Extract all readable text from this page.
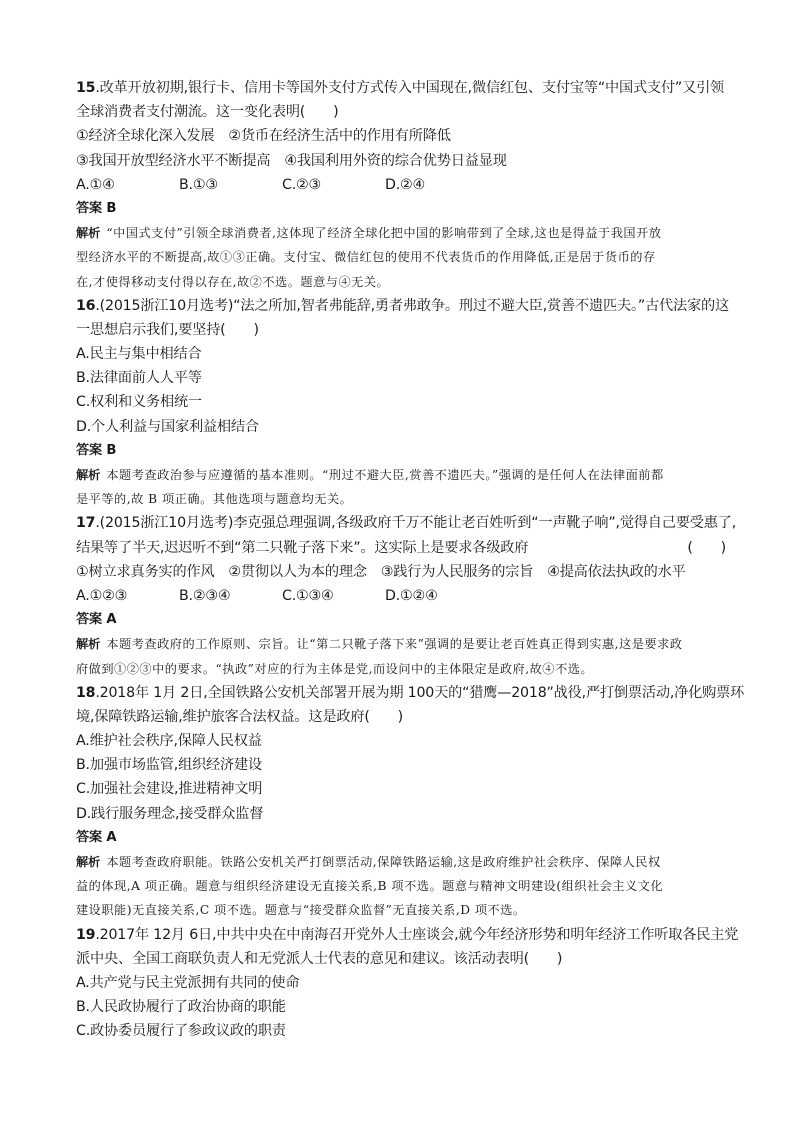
15.改革开放初期,银行卡、信用卡等国外支付方式传入中国现在,微信红包、支付宝等“中国式支付”又引领
全球消费者支付潮流。这一变化表明(　　)
①经济全球化深入发展　②货币在经济生活中的作用有所降低
③我国开放型经济水平不断提高　④我国利用外资的综合优势日益显现
A.①④	B.①③	C.②③	D.②④
答案 B
解析 “中国式支付”引领全球消费者,这体现了经济全球化把中国的影响带到了全球,这也是得益于我国开放
型经济水平的不断提高,故①③正确。支付宝、微信红包的使用不代表货币的作用降低,正是居于货币的存
在,才使得移动支付得以存在,故②不选。题意与④无关。
16.(2015浙江10月选考)“法之所加,智者弗能辞,勇者弗敢争。刑过不避大臣,赏善不遗匹夫。”古代法家的这
一思想启示我们,要坚持(　　)
A.民主与集中相结合
B.法律面前人人平等
C.权利和义务相统一
D.个人利益与国家利益相结合
答案 B
解析 本题考查政治参与应遵循的基本准则。“刑过不避大臣,赏善不遗匹夫。”强调的是任何人在法律面前都
是平等的,故 B 项正确。其他选项与题意均无关。
17.(2015浙江10月选考)李克强总理强调,各级政府千万不能让老百姓听到“一声靴子响”,觉得自己要受惠了,
结果等了半天,迟迟听不到“第二只靴子落下来”。这实际上是要求各级政府	(　　)
①树立求真务实的作风　②贯彻以人为本的理念　③践行为人民服务的宗旨　④提高依法执政的水平
A.①②③	B.②③④	C.①③④	D.①②④
答案 A
解析 本题考查政府的工作原则、宗旨。让“第二只靴子落下来”强调的是要让老百姓真正得到实惠,这是要求政
府做到①②③中的要求。“执政”对应的行为主体是党,而设问中的主体限定是政府,故④不选。
18.2018年 1月 2日,全国铁路公安机关部署开展为期 100天的“猎鹰—2018”战役,严打倒票活动,净化购票环
境,保障铁路运输,维护旅客合法权益。这是政府(　　)
A.维护社会秩序,保障人民权益
B.加强市场监管,组织经济建设
C.加强社会建设,推进精神文明
D.践行服务理念,接受群众监督
答案 A
解析 本题考查政府职能。铁路公安机关严打倒票活动,保障铁路运输,这是政府维护社会秩序、保障人民权
益的体现,A 项正确。题意与组织经济建设无直接关系,B 项不选。题意与精神文明建设(组织社会主义文化
建设职能)无直接关系,C 项不选。题意与“接受群众监督”无直接关系,D 项不选。
19.2017年 12月 6日,中共中央在中南海召开党外人士座谈会,就今年经济形势和明年经济工作听取各民主党
派中央、全国工商联负责人和无党派人士代表的意见和建议。该活动表明(　　)
A.共产党与民主党派拥有共同的使命
B.人民政协履行了政治协商的职能
C.政协委员履行了参政议政的职责
